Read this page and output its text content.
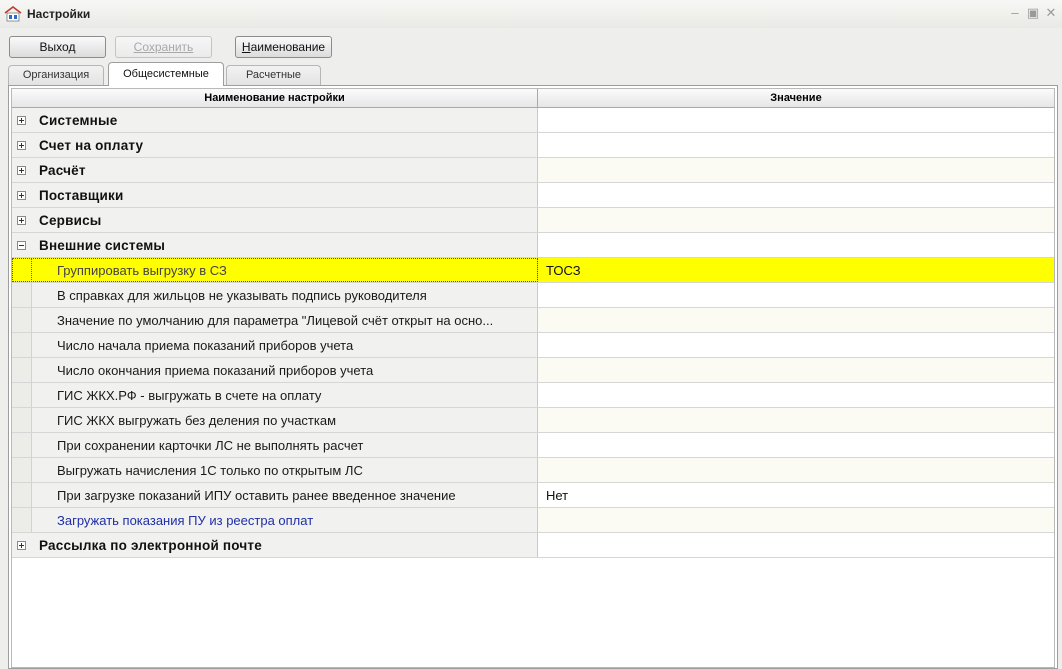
Настройки	– ▣ ✕
Выход	Сохранить	Наименование
Организация	Общесистемные	Расчетные
Наименование настройки	Значение
Системные
Счет на оплату
Расчёт
Поставщики
Сервисы
Внешние системы
Группировать выгрузку в СЗ	ТОСЗ
В справках для жильцов не указывать подпись руководителя
Значение по умолчанию для параметра "Лицевой счёт открыт на осно...
Число начала приема показаний приборов учета
Число окончания приема показаний приборов учета
ГИС ЖКХ.РФ - выгружать в счете на оплату
ГИС ЖКХ выгружать без деления по участкам
При сохранении карточки ЛС не выполнять расчет
Выгружать начисления 1С только по открытым ЛС
При загрузке показаний ИПУ оставить ранее введенное значение	Нет
Загружать показания ПУ из реестра оплат
Рассылка по электронной почте
